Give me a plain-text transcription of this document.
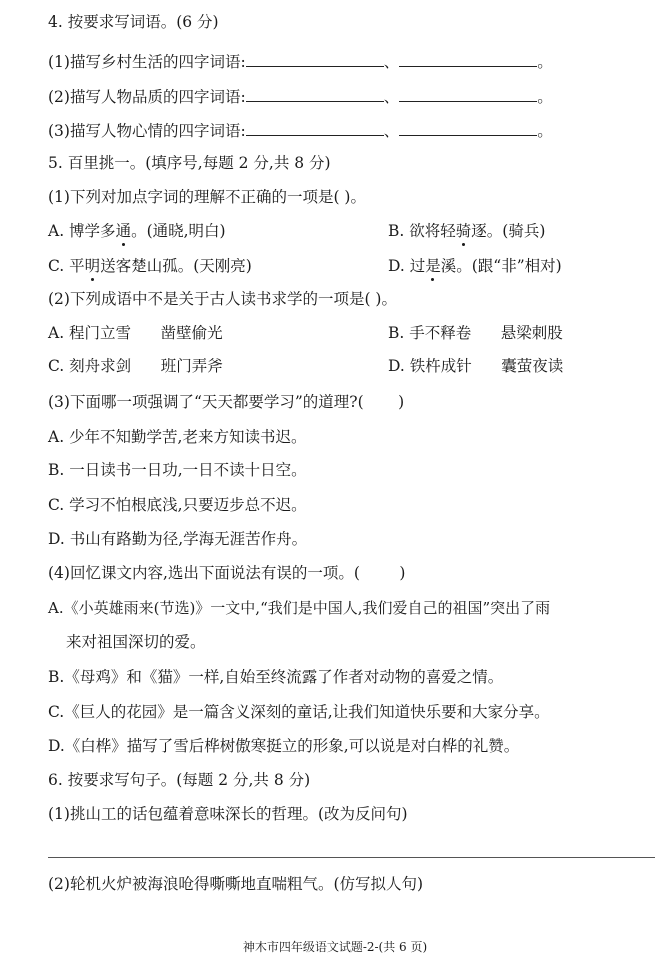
4. 按要求写词语。(6 分)
(1)描写乡村生活的四字词语:	、	。
(2)描写人物品质的四字词语:	、	。
(3)描写人物心情的四字词语:	、	。
5. 百里挑一。(填序号,每题 2 分,共 8 分)
(1)下列对加点字词的理解不正确的一项是( )。
A. 博学多通。(通晓,明白)	B. 欲将轻骑逐。(骑兵)
C. 平明送客楚山孤。(天刚亮)	D. 过是溪。(跟“非”相对)
(2)下列成语中不是关于古人读书求学的一项是( )。
A. 程门立雪      凿壁偷光	B. 手不释卷      悬梁刺股
C. 刻舟求剑      班门弄斧	D. 铁杵成针      囊萤夜读
(3)下面哪一项强调了“天天都要学习”的道理?(       )
A. 少年不知勤学苦,老来方知读书迟。
B. 一日读书一日功,一日不读十日空。
C. 学习不怕根底浅,只要迈步总不迟。
D. 书山有路勤为径,学海无涯苦作舟。
(4)回忆课文内容,选出下面说法有误的一项。(        )
A.《小英雄雨来(节选)》一文中,“我们是中国人,我们爱自己的祖国”突出了雨
来对祖国深切的爱。
B.《母鸡》和《猫》一样,自始至终流露了作者对动物的喜爱之情。
C.《巨人的花园》是一篇含义深刻的童话,让我们知道快乐要和大家分享。
D.《白桦》描写了雪后桦树傲寒挺立的形象,可以说是对白桦的礼赞。
6. 按要求写句子。(每题 2 分,共 8 分)
(1)挑山工的话包蕴着意味深长的哲理。(改为反问句)
(2)轮机火炉被海浪呛得嘶嘶地直喘粗气。(仿写拟人句)
神木市四年级语文试题-2-(共 6 页)
